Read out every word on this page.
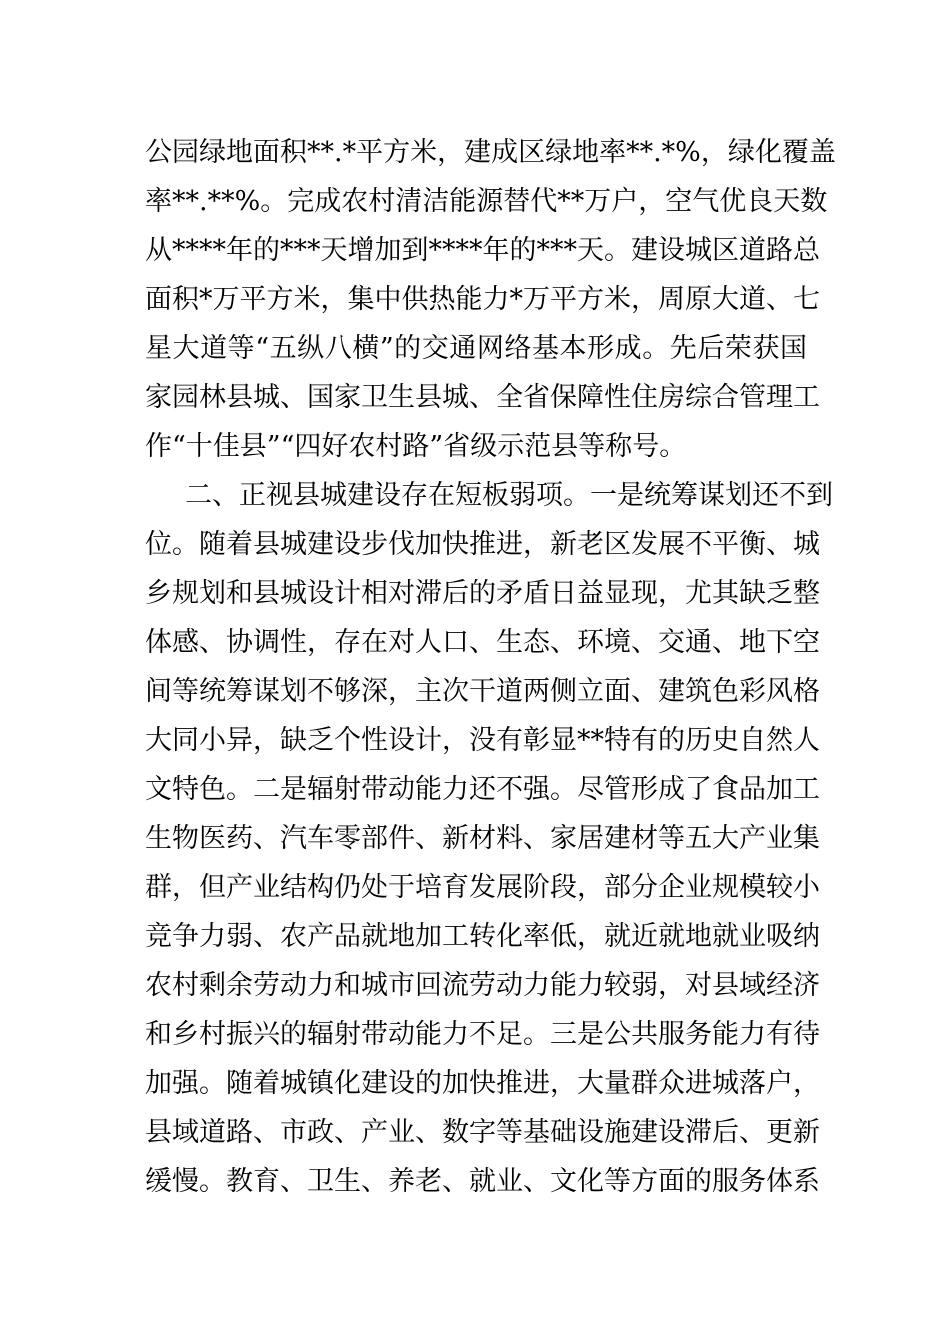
公园绿地面积**.*平方米，建成区绿地率**.*%，绿化覆盖
率**.**%。完成农村清洁能源替代**万户，空气优良天数
从****年的***天增加到****年的***天。建设城区道路总
面积*万平方米，集中供热能力*万平方米，周原大道、七
星大道等“五纵八横”的交通网络基本形成。先后荣获国
家园林县城、国家卫生县城、全省保障性住房综合管理工
作“十佳县”“四好农村路”省级示范县等称号。
二、正视县城建设存在短板弱项。一是统筹谋划还不到
位。随着县城建设步伐加快推进，新老区发展不平衡、城
乡规划和县城设计相对滞后的矛盾日益显现，尤其缺乏整
体感、协调性，存在对人口、生态、环境、交通、地下空
间等统筹谋划不够深，主次干道两侧立面、建筑色彩风格
大同小异，缺乏个性设计，没有彰显**特有的历史自然人
文特色。二是辐射带动能力还不强。尽管形成了食品加工
生物医药、汽车零部件、新材料、家居建材等五大产业集
群，但产业结构仍处于培育发展阶段，部分企业规模较小
竞争力弱、农产品就地加工转化率低，就近就地就业吸纳
农村剩余劳动力和城市回流劳动力能力较弱，对县域经济
和乡村振兴的辐射带动能力不足。三是公共服务能力有待
加强。随着城镇化建设的加快推进，大量群众进城落户，
县域道路、市政、产业、数字等基础设施建设滞后、更新
缓慢。教育、卫生、养老、就业、文化等方面的服务体系
